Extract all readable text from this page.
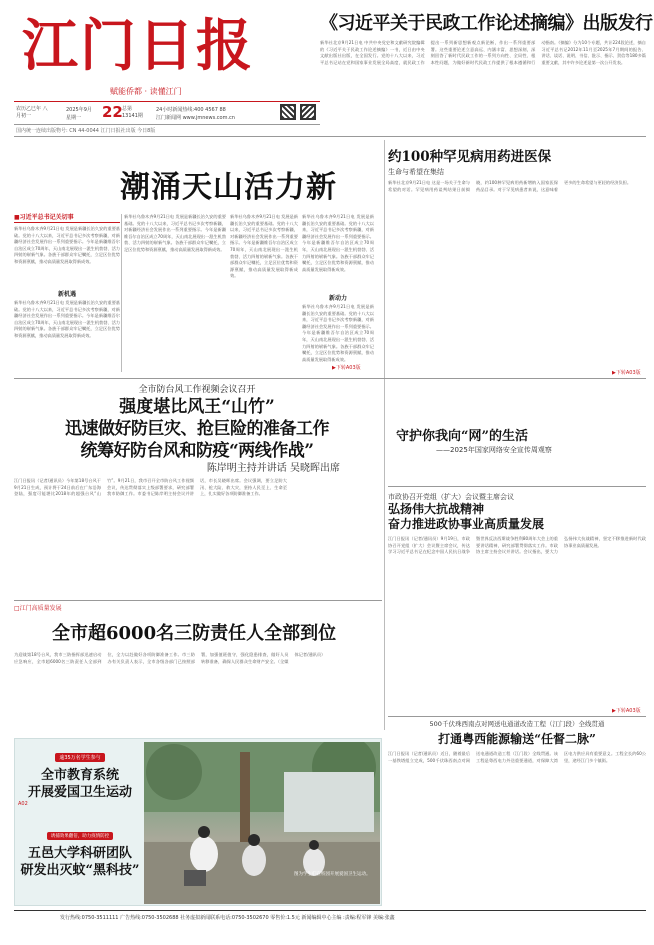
江门日报
赋能侨都 · 读懂江门
《习近平关于民政工作论述摘编》出版发行
新华社北京9月21日电 中共中央党史和文献研究院编辑的《习近平关于民政工作论述摘编》一书，近日由中央文献出版社出版，在全国发行。党的十八大以来，习近平总书记站在党和国家事业发展全局高度，就民政工作提出一系列新思想新观点新论断，作出一系列重要部署。这些重要论述立意高远、内涵丰富、思想深刻，深刻回答了新时代民政工作的一系列方向性、全局性、根本性问题，为做好新时代民政工作提供了根本遵循和行动指南。《摘编》分为10个专题，共计224段论述，摘自习近平总书记2012年11月至2025年7月期间的报告、讲话、谈话、说明、书信、批示、指示、贺信等180多篇重要文献，其中许多论述是第一次公开发表。
农历乙巳年 八月初一
2025年9月
星期一 22 总第 13141期
24小时新闻热线:400 4567 88
江门新闻网 www.jmnews.com.cn
国内统一连续出版物号: CN 44-0044 江门日报社出版 今日8版
潮涌天山活力新
■习近平总书记关切事
新华社乌鲁木齐9月21日电 发展是新疆长治久安的重要基础。党的十八大以来，习近平总书记多次考察新疆，对新疆经济社会发展作出一系列重要指示。今年是新疆维吾尔自治区成立70周年，天山南北展现出一派生机勃勃、活力四射的崭新气象。各族干部群众牢记嘱托，立足区位优势和资源禀赋，推动高质量发展取得新成效。
新机遇
新华社乌鲁木齐9月21日电 发展是新疆长治久安的重要基础。党的十八大以来，习近平总书记多次考察新疆，对新疆经济社会发展作出一系列重要指示。今年是新疆维吾尔自治区成立70周年，天山南北展现出一派生机勃勃、活力四射的崭新气象。各族干部群众牢记嘱托，立足区位优势和资源禀赋，推动高质量发展取得新成效。
新华社乌鲁木齐9月21日电 发展是新疆长治久安的重要基础。党的十八大以来，习近平总书记多次考察新疆，对新疆经济社会发展作出一系列重要指示。今年是新疆维吾尔自治区成立70周年，天山南北展现出一派生机勃勃、活力四射的崭新气象。各族干部群众牢记嘱托，立足区位优势和资源禀赋，推动高质量发展取得新成效。
新华社乌鲁木齐9月21日电 发展是新疆长治久安的重要基础。党的十八大以来，习近平总书记多次考察新疆，对新疆经济社会发展作出一系列重要指示。今年是新疆维吾尔自治区成立70周年，天山南北展现出一派生机勃勃、活力四射的崭新气象。各族干部群众牢记嘱托，立足区位优势和资源禀赋，推动高质量发展取得新成效。
新华社乌鲁木齐9月21日电 发展是新疆长治久安的重要基础。党的十八大以来，习近平总书记多次考察新疆，对新疆经济社会发展作出一系列重要指示。今年是新疆维吾尔自治区成立70周年，天山南北展现出一派生机勃勃、活力四射的崭新气象。各族干部群众牢记嘱托，立足区位优势和资源禀赋，推动高质量发展取得新成效。
新动力
新华社乌鲁木齐9月21日电 发展是新疆长治久安的重要基础。党的十八大以来，习近平总书记多次考察新疆，对新疆经济社会发展作出一系列重要指示。今年是新疆维吾尔自治区成立70周年，天山南北展现出一派生机勃勃、活力四射的崭新气象。各族干部群众牢记嘱托，立足区位优势和资源禀赋，推动高质量发展取得新成效。
▶下转A03版
约100种罕见病用药进医保
生命与希望在集结
新华社北京9月21日电 这是一场关于生命与希望的对话。罕见病用药谈判结果日前揭晓，约100种罕见病用药新增纳入国家医保药品目录。对于罕见病患者来说，这意味着更多的生命希望与更轻的经济负担。
▶下转A03版
全市防台风工作视频会议召开
强度堪比风王“山竹”
迅速做好防巨灾、抢巨险的准备工作
统筹好防台风和防疫“两线作战”
陈岸明主持并讲话 吴晓晖出席
江门日报讯（记者/通讯员）今年第18号台风于9月21日生成，预计将于24日前后在广东沿海登陆，强度可能堪比2018年的超强台风“山竹”。9月21日，我市召开全市防台风工作视频会议，传达贯彻落实上级部署要求，研究部署我市防御工作。市委书记陈岸明主持会议并讲话，市长吴晓晖出席。会议强调，要立足防大汛、抢大险、救大灾，坚持人民至上、生命至上，扎实做好各项防御准备工作。
守护你我向“网”的生活
——2025年国家网络安全宣传周观察
市政协召开党组（扩大）会议暨主席会议
弘扬伟大抗战精神
奋力推进政协事业高质量发展
江门日报讯（记者/通讯员）9月19日，市政协召开党组（扩大）会议暨主席会议，传达学习习近平总书记在纪念中国人民抗日战争暨世界反法西斯战争胜利80周年大会上的重要讲话精神，研究部署贯彻落实工作。市政协主席主持会议并讲话。会议指出，要大力弘扬伟大抗战精神，坚定不移推进新时代政协事业高质量发展。
▶下转A03版
□江门高质量发展
全市超6000名三防责任人全部到位
为迎战第18号台风，我市三防指挥部迅速启动应急响应，全市超6000名三防责任人全部到位，全力以赴做好各项防御准备工作。市三防办有关负责人表示，全市各级各部门已按照部署，加强值班值守，强化隐患排查，做好人员转移准备，确保人民群众生命财产安全。（全媒体记者/通讯员）
逾35万名学生参与
全市教育系统
开展爱国卫生运动
A02
诱捕效果翻倍，助力疫情防控
五邑大学科研团队
研发出灭蚊“黑科技”	图为学生们在校园开展爱国卫生运动。
500千伏珠西南点对网送电通道改造工程（江门段）全线贯通
打通粤西能源输送“任督二脉”
江门日报讯（记者/通讯员）近日，随着最后一基铁塔组立完成，500千伏珠西南点对网送电通道改造工程（江门段）全线贯通。该工程是粤西电力外送重要通道，对保障大湾区电力供应具有重要意义。工程全长约60公里，途经江门多个镇街。
发行热线:0750-3511111 广告热线:0750-3502688 社务虚拟新闻联系电话:0750-3502670 零售价:1.5元 新闻编辑中心主编 :责编:程军锋 美编:张鑫
